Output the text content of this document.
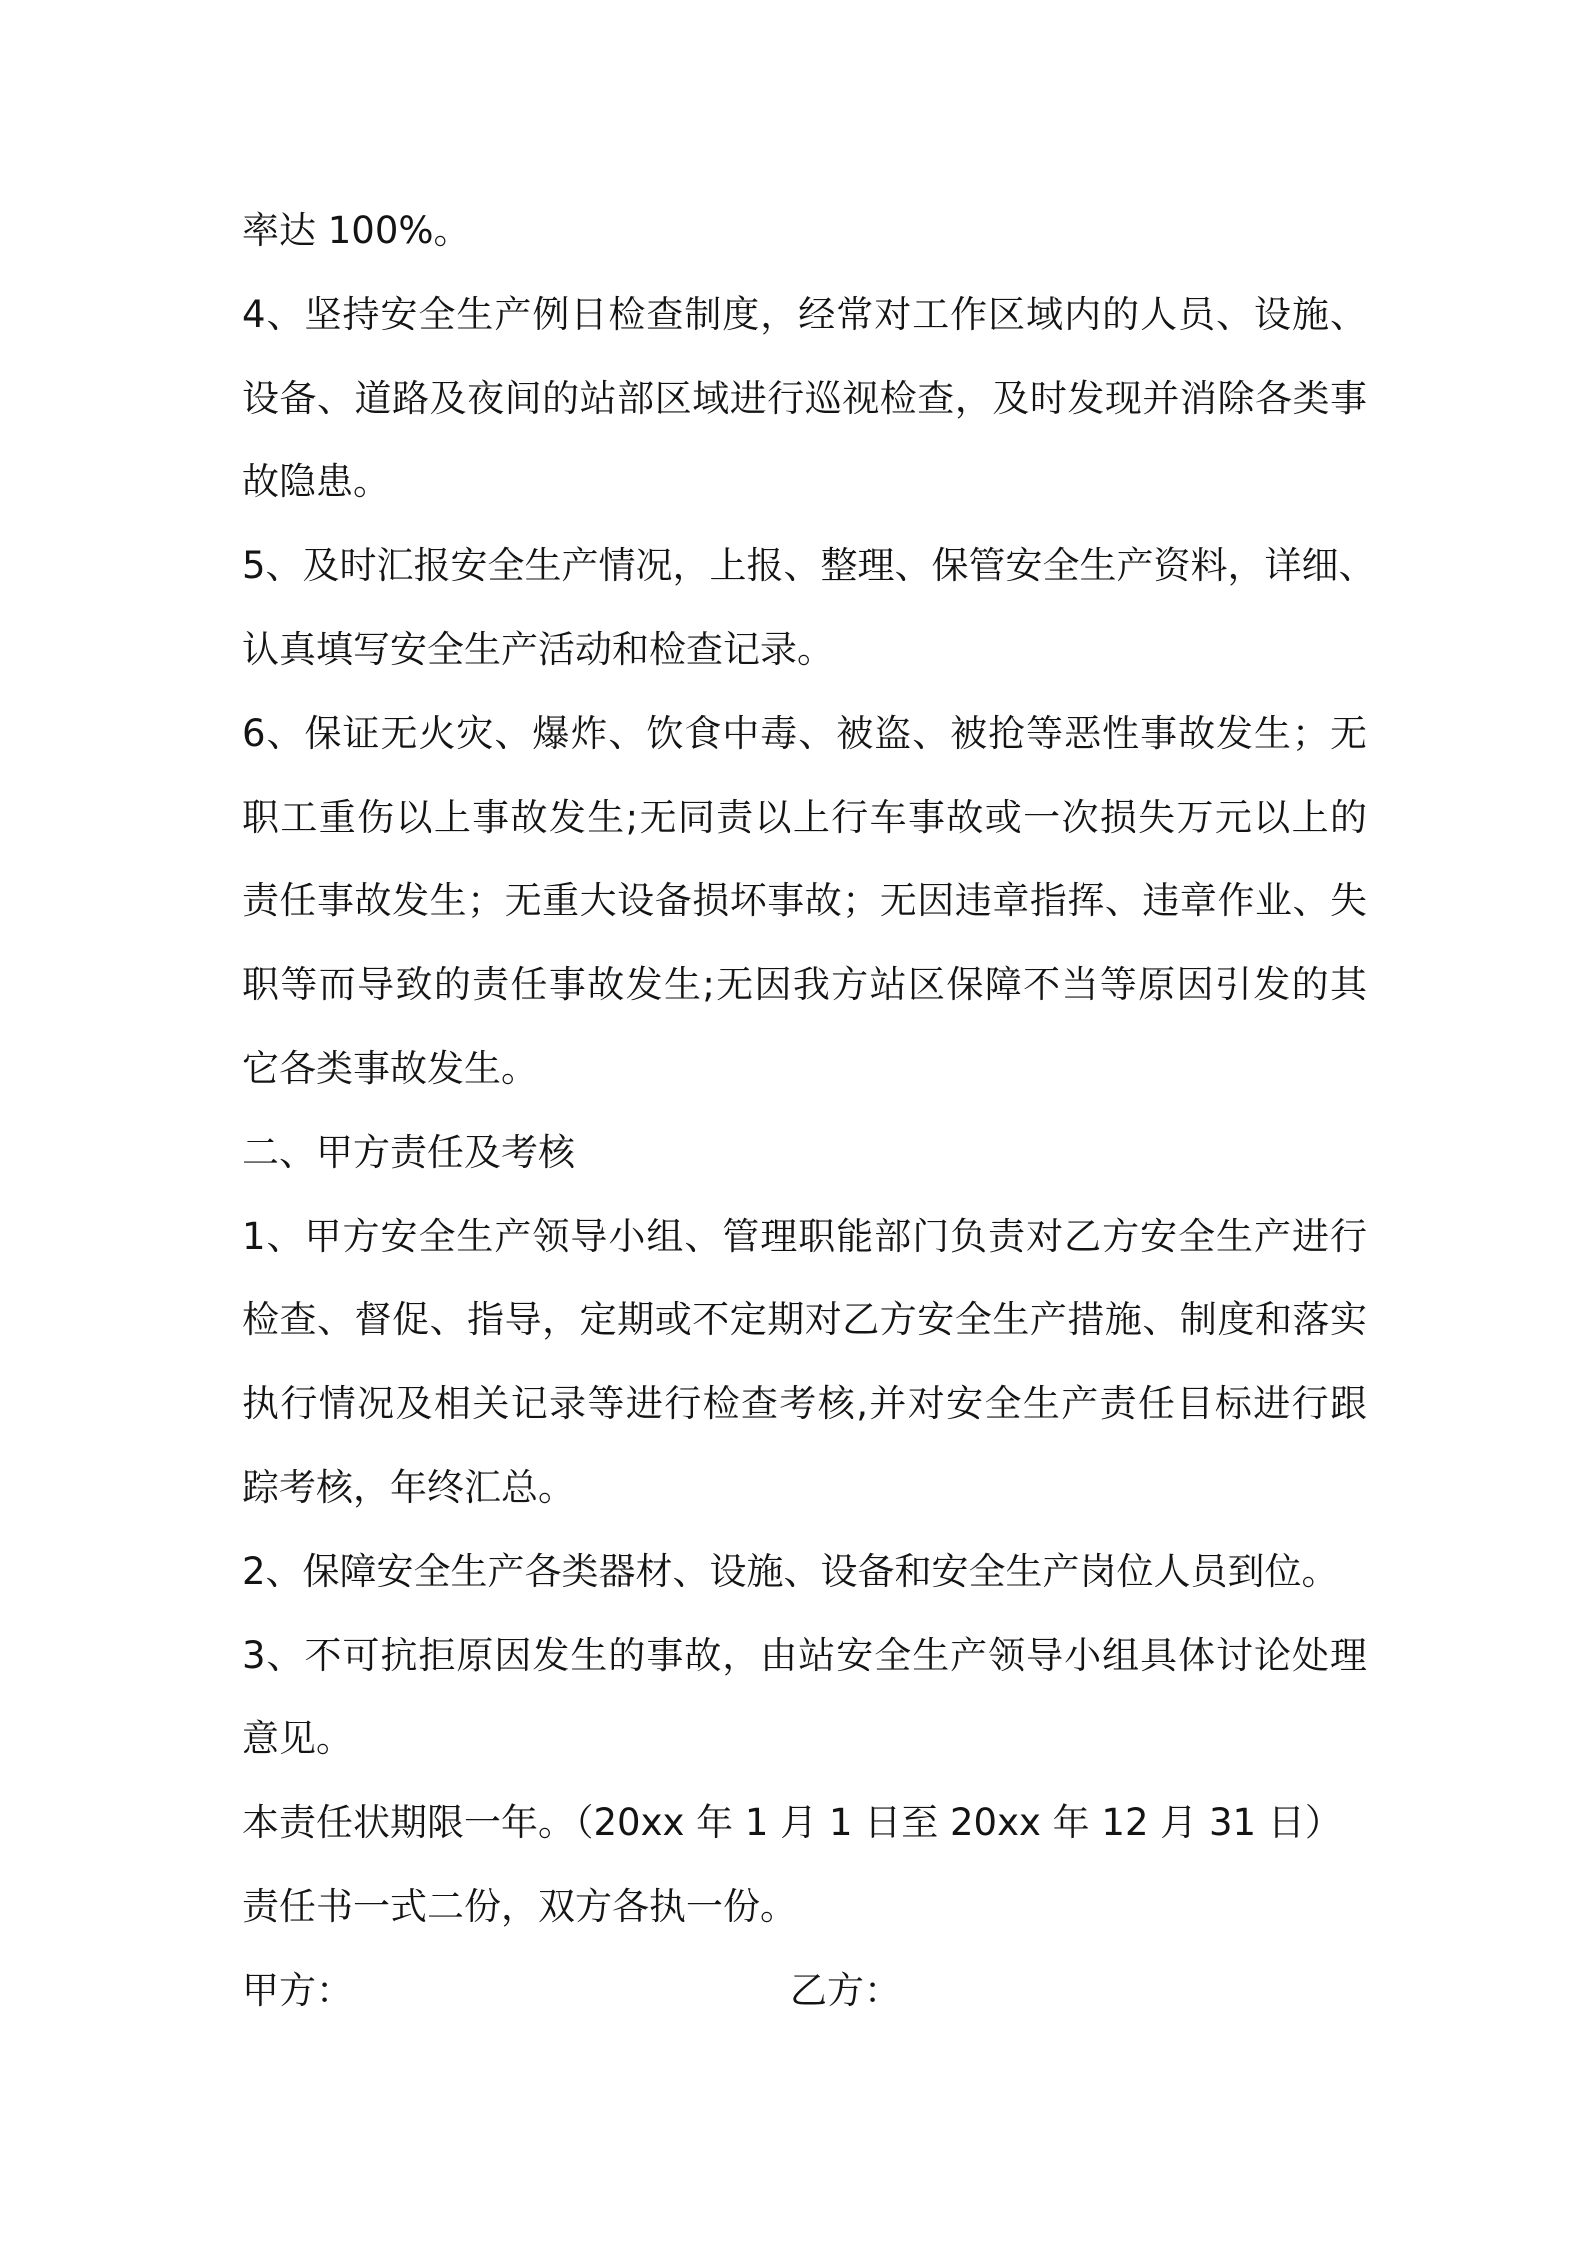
率达 100%。
4、坚持安全生产例日检查制度，经常对工作区域内的人员、设施、
设备、道路及夜间的站部区域进行巡视检查，及时发现并消除各类事
故隐患。
5、及时汇报安全生产情况，上报、整理、保管安全生产资料，详细、
认真填写安全生产活动和检查记录。
6、保证无火灾、爆炸、饮食中毒、被盗、被抢等恶性事故发生；无
职工重伤以上事故发生;无同责以上行车事故或一次损失万元以上的
责任事故发生；无重大设备损坏事故；无因违章指挥、违章作业、失
职等而导致的责任事故发生;无因我方站区保障不当等原因引发的其
它各类事故发生。
二、甲方责任及考核
1、甲方安全生产领导小组、管理职能部门负责对乙方安全生产进行
检查、督促、指导，定期或不定期对乙方安全生产措施、制度和落实
执行情况及相关记录等进行检查考核,并对安全生产责任目标进行跟
踪考核，年终汇总。
2、保障安全生产各类器材、设施、设备和安全生产岗位人员到位。
3、不可抗拒原因发生的事故，由站安全生产领导小组具体讨论处理
意见。
本责任状期限一年。（20xx 年 1 月 1 日至 20xx 年 12 月 31 日）
责任书一式二份，双方各执一份。
甲方：	乙方：
